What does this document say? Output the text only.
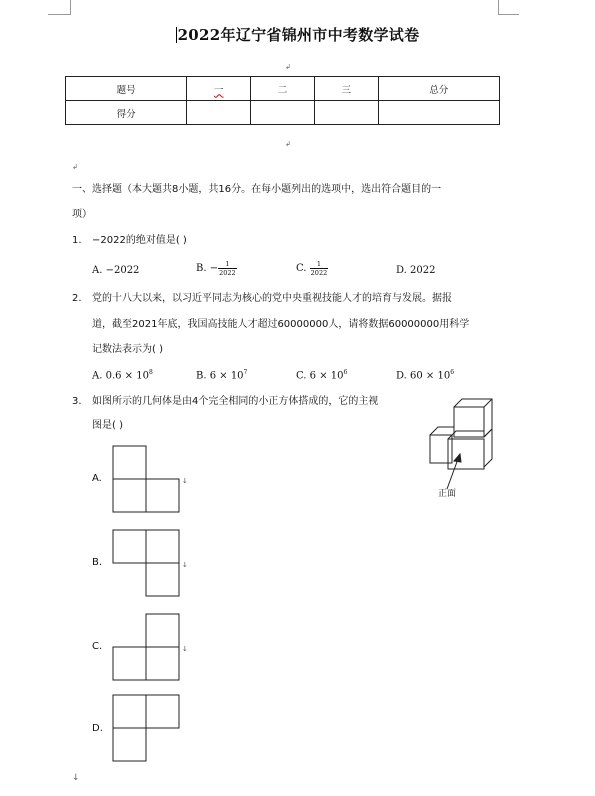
2022年辽宁省锦州市中考数学试卷
题号	一	二	三	总分
得分				
一、选择题（本大题共8小题，共16分。在每小题列出的选项中，选出符合题目的一
项）
1. −2022的绝对值是( )
A. −2022	B. − $\frac{1}{2022}$	C. $\frac{1}{2022}$	D. 2022
2. 党的十八大以来，以习近平同志为核心的党中央重视技能人才的培育与发展。据报
道，截至2021年底，我国高技能人才超过60000000人，请将数据60000000用科学
记数法表示为( )
A. $0.6 \times 10^8$	B. $6 \times 10^7$	C. $6 \times 10^6$	D. $60 \times 10^6$
3. 如图所示的几何体是由4个完全相同的小正方体搭成的，它的主视
图是( )
正面
A.	↓
B.	↓
C.	↓
D.
↲
↲
↲
↓
